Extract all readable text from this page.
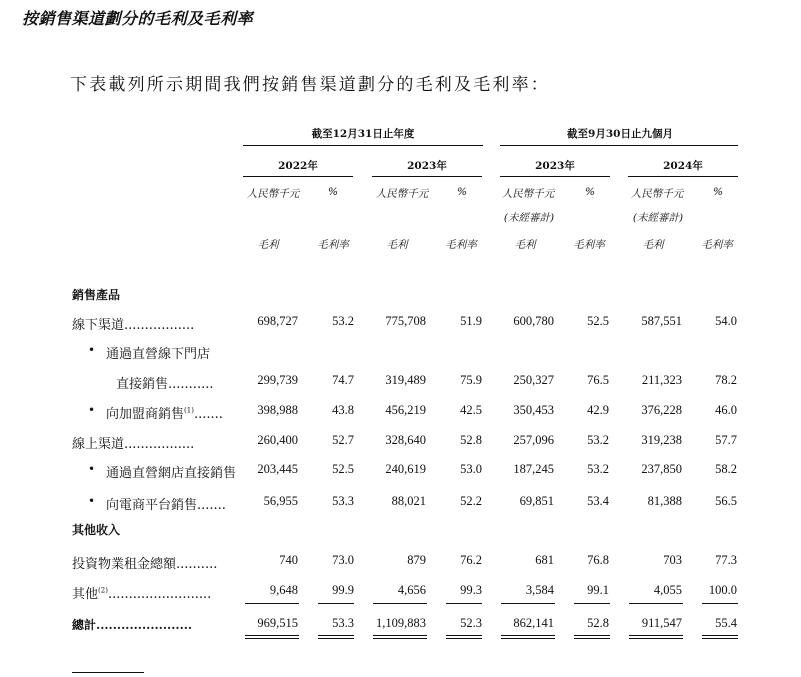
按銷售渠道劃分的毛利及毛利率
下表載列所示期間我們按銷售渠道劃分的毛利及毛利率：
截至12月31日止年度	截至9月30日止九個月
2022年	2023年	2023年	2024年
人民幣千元	%	人民幣千元	%	人民幣千元	%	人民幣千元	%
(未經審計)	(未經審計)
毛利	毛利率	毛利	毛利率	毛利	毛利率	毛利	毛利率
銷售產品
線下渠道.................	698,727	53.2	775,708	51.9	600,780	52.5	587,551	54.0
• 通過直營線下門店
直接銷售...........	299,739	74.7	319,489	75.9	250,327	76.5	211,323	78.2
• 向加盟商銷售$^{(1)}$.......	398,988	43.8	456,219	42.5	350,453	42.9	376,228	46.0
線上渠道.................	260,400	52.7	328,640	52.8	257,096	53.2	319,238	57.7
• 通過直營網店直接銷售 203,445	52.5	240,619	53.0	187,245	53.2	237,850	58.2
• 向電商平台銷售.......	56,955	53.3	88,021	52.2	69,851	53.4	81,388	56.5
其他收入
投資物業租金總額..........	740	73.0	879	76.2	681	76.8	703	77.3
其他$^{(2)}$.........................	9,648	99.9	4,656	99.3	3,584	99.1	4,055 100.0
總計.......................	969,515	53.3 1,109,883	52.3	862,141	52.8	911,547	55.4
